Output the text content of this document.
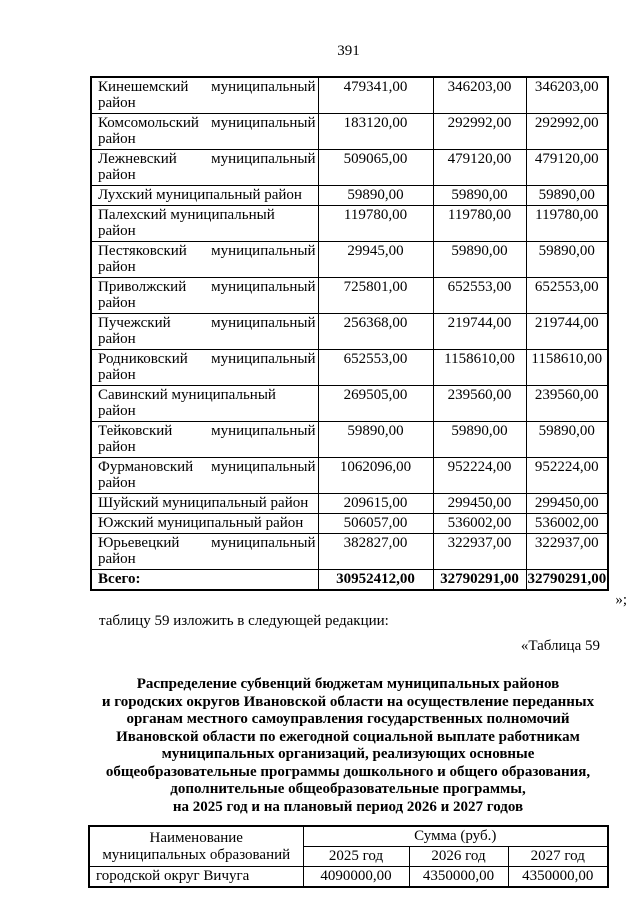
391
Кинешемский муниципальный
район	479341,00	346203,00	346203,00

Комсомольский муниципальный
район	183120,00	292992,00	292992,00

Лежневский муниципальный
район	509065,00	479120,00	479120,00

Лухский муниципальный район	59890,00	59890,00	59890,00

Палехский муниципальный район	119780,00	119780,00	119780,00

Пестяковский муниципальный
район	29945,00	59890,00	59890,00

Приволжский муниципальный
район	725801,00	652553,00	652553,00

Пучежский муниципальный
район	256368,00	219744,00	219744,00

Родниковский муниципальный
район	652553,00	1158610,00	1158610,00

Савинский муниципальный район	269505,00	239560,00	239560,00

Тейковский муниципальный
район	59890,00	59890,00	59890,00

Фурмановский муниципальный
район	1062096,00	952224,00	952224,00

Шуйский муниципальный район	209615,00	299450,00	299450,00

Южский муниципальный район	506057,00	536002,00	536002,00

Юрьевецкий муниципальный
район	382827,00	322937,00	322937,00
Всего:	30952412,00	32790291,00	32790291,00
»;
таблицу 59 изложить в следующей редакции:
«Таблица 59
Распределение субвенций бюджетам муниципальных районов
и городских округов Ивановской области на осуществление переданных
органам местного самоуправления государственных полномочий
Ивановской области по ежегодной социальной выплате работникам
муниципальных организаций, реализующих основные
общеобразовательные программы дошкольного и общего образования,
дополнительные общеобразовательные программы,
на 2025 год и на плановый период 2026 и 2027 годов
Наименование
муниципальных образований	Сумма (руб.)		
	2025 год	2026 год	2027 год
городской округ Вичуга	4090000,00	4350000,00	4350000,00
